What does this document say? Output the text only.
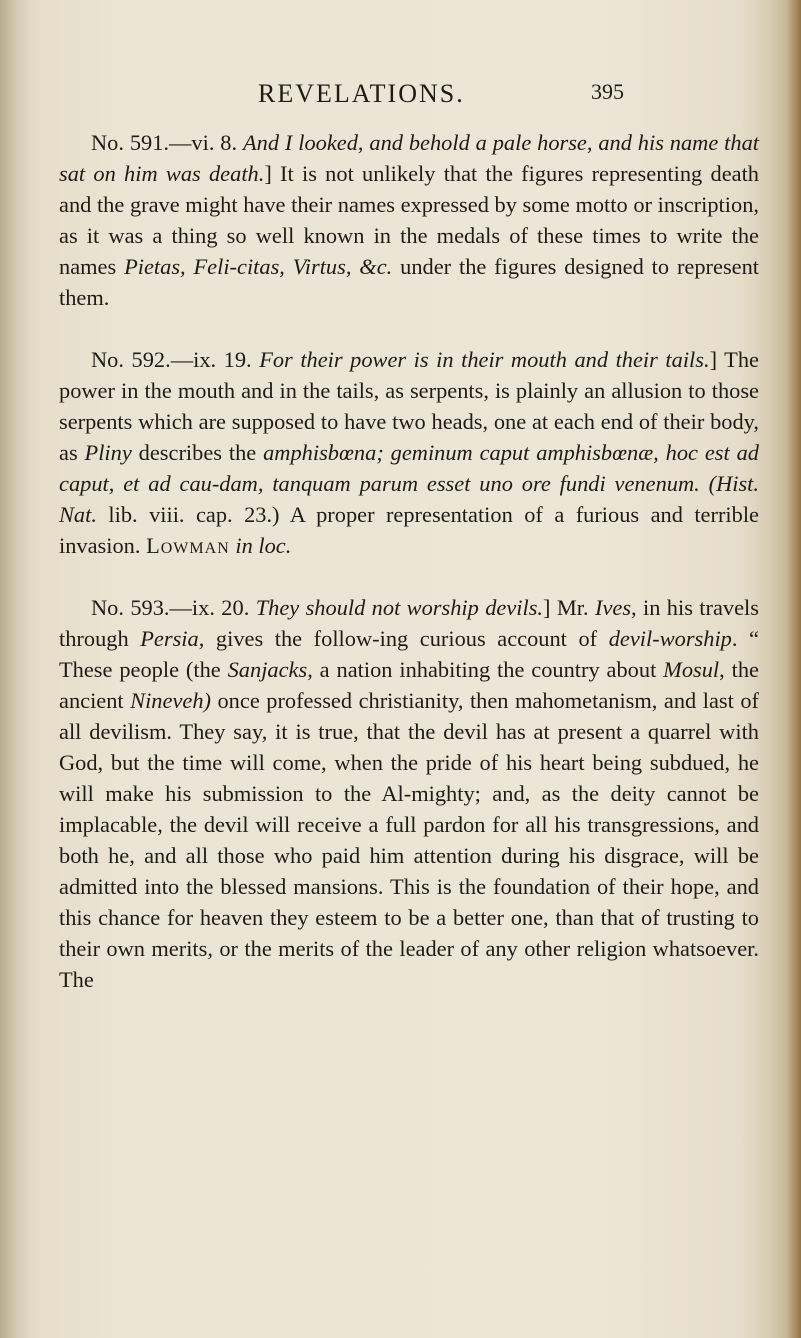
REVELATIONS.	395

No. 591.—vi. 8. And I looked, and behold a pale horse, and his name that sat on him was death.] It is not unlikely that the figures representing death and the grave might have their names expressed by some motto or inscription, as it was a thing so well known in the medals of these times to write the names Pietas, Feli-citas, Virtus, &c. under the figures designed to represent them.

No. 592.—ix. 19. For their power is in their mouth and their tails.] The power in the mouth and in the tails, as serpents, is plainly an allusion to those serpents which are supposed to have two heads, one at each end of their body, as Pliny describes the amphisbœna; geminum caput amphisbœnæ, hoc est ad caput, et ad cau-dam, tanquam parum esset uno ore fundi venenum. (Hist. Nat. lib. viii. cap. 23.) A proper representation of a furious and terrible invasion. Lowman in loc.

No. 593.—ix. 20. They should not worship devils.] Mr. Ives, in his travels through Persia, gives the follow-ing curious account of devil-worship. “ These people (the Sanjacks, a nation inhabiting the country about Mosul, the ancient Nineveh) once professed christianity, then mahometanism, and last of all devilism. They say, it is true, that the devil has at present a quarrel with God, but the time will come, when the pride of his heart being subdued, he will make his submission to the Al-mighty; and, as the deity cannot be implacable, the devil will receive a full pardon for all his transgressions, and both he, and all those who paid him attention during his disgrace, will be admitted into the blessed mansions. This is the foundation of their hope, and this chance for heaven they esteem to be a better one, than that of trusting to their own merits, or the merits of the leader of any other religion whatsoever. The
